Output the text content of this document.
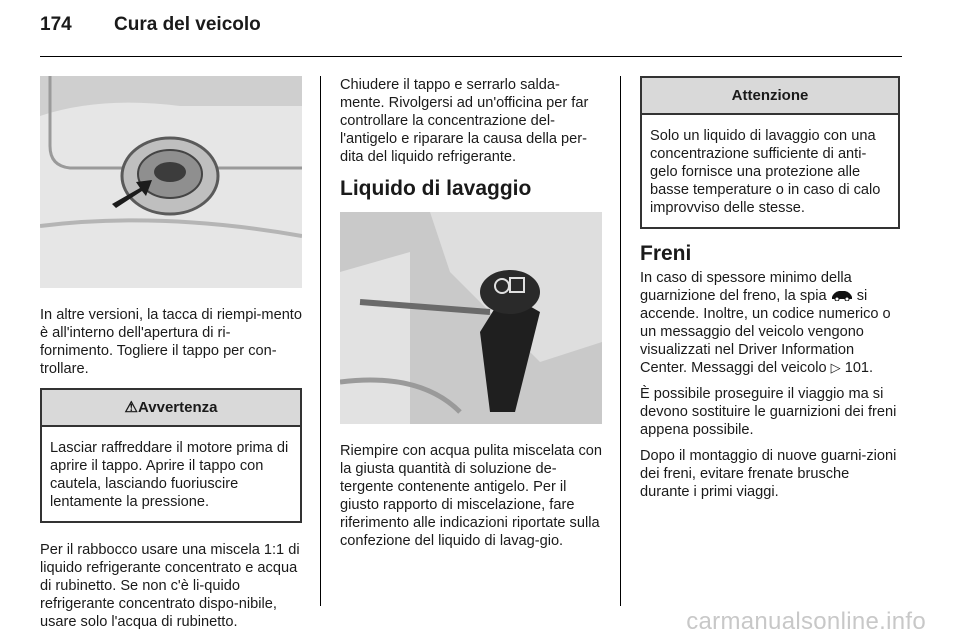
174 Cura del veicolo

In altre versioni, la tacca di riempi-mento è all'interno dell'apertura di ri-fornimento. Togliere il tappo per con-trollare.

⚠Avvertenza
Lasciar raffreddare il motore prima di aprire il tappo. Aprire il tappo con cautela, lasciando fuoriuscire lentamente la pressione.

Per il rabbocco usare una miscela 1:1 di liquido refrigerante concentrato e acqua di rubinetto. Se non c'è li-quido refrigerante concentrato dispo-nibile, usare solo l'acqua di rubinetto.

Chiudere il tappo e serrarlo salda-mente. Rivolgersi ad un'officina per far controllare la concentrazione del-l'antigelo e riparare la causa della per-dita del liquido refrigerante.

Liquido di lavaggio

Riempire con acqua pulita miscelata con la giusta quantità di soluzione de-tergente contenente antigelo. Per il giusto rapporto di miscelazione, fare riferimento alle indicazioni riportate sulla confezione del liquido di lavag-gio.

Attenzione
Solo un liquido di lavaggio con una concentrazione sufficiente di anti-gelo fornisce una protezione alle basse temperature o in caso di calo improvviso delle stesse.
Freni

In caso di spessore minimo della guarnizione del freno, la spia si accende. Inoltre, un codice numerico o un messaggio del veicolo vengono visualizzati nel Driver Information Center. Messaggi del veicolo ▷ 101.

È possibile proseguire il viaggio ma si devono sostituire le guarnizioni dei freni appena possibile.

Dopo il montaggio di nuove guarni-zioni dei freni, evitare frenate brusche durante i primi viaggi.

carmanualsonline.info
